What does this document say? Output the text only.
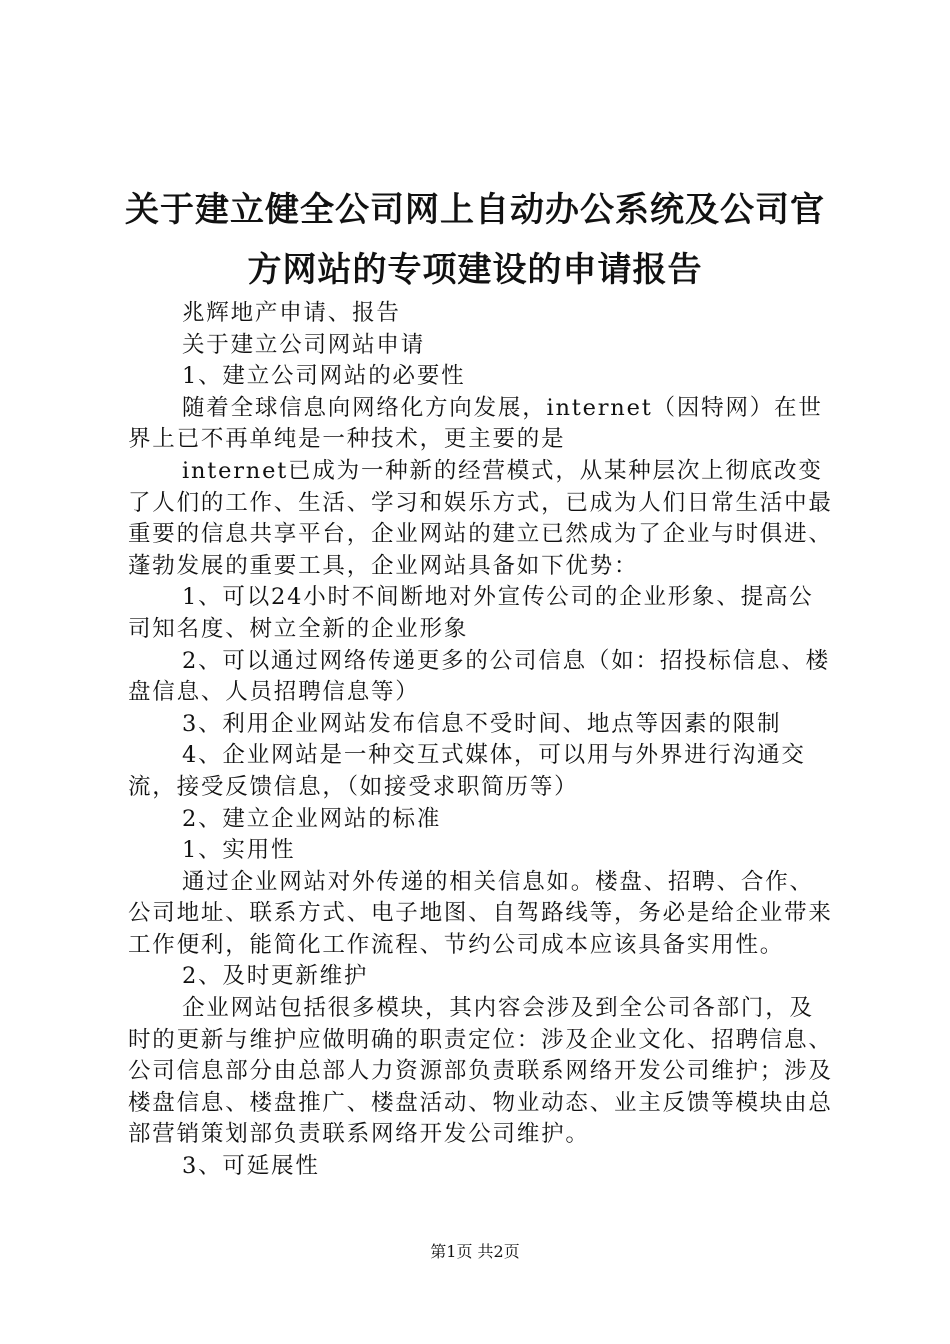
关于建立健全公司网上自动办公系统及公司官
方网站的专项建设的申请报告

兆辉地产申请、报告

关于建立公司网站申请

1、建立公司网站的必要性

随着全球信息向网络化方向发展，internet（因特网）在世界上已不再单纯是一种技术，更主要的是

internet已成为一种新的经营模式，从某种层次上彻底改变了人们的工作、生活、学习和娱乐方式，已成为人们日常生活中最重要的信息共享平台，企业网站的建立已然成为了企业与时俱进、蓬勃发展的重要工具，企业网站具备如下优势：

1、可以24小时不间断地对外宣传公司的企业形象、提高公司知名度、树立全新的企业形象

2、可以通过网络传递更多的公司信息（如：招投标信息、楼盘信息、人员招聘信息等）

3、利用企业网站发布信息不受时间、地点等因素的限制

4、企业网站是一种交互式媒体，可以用与外界进行沟通交流，接受反馈信息，（如接受求职简历等）

2、建立企业网站的标准

1、实用性

通过企业网站对外传递的相关信息如。楼盘、招聘、合作、公司地址、联系方式、电子地图、自驾路线等，务必是给企业带来工作便利，能简化工作流程、节约公司成本应该具备实用性。

2、及时更新维护

企业网站包括很多模块，其内容会涉及到全公司各部门，及时的更新与维护应做明确的职责定位：涉及企业文化、招聘信息、公司信息部分由总部人力资源部负责联系网络开发公司维护；涉及楼盘信息、楼盘推广、楼盘活动、物业动态、业主反馈等模块由总部营销策划部负责联系网络开发公司维护。

3、可延展性

第1页 共2页
